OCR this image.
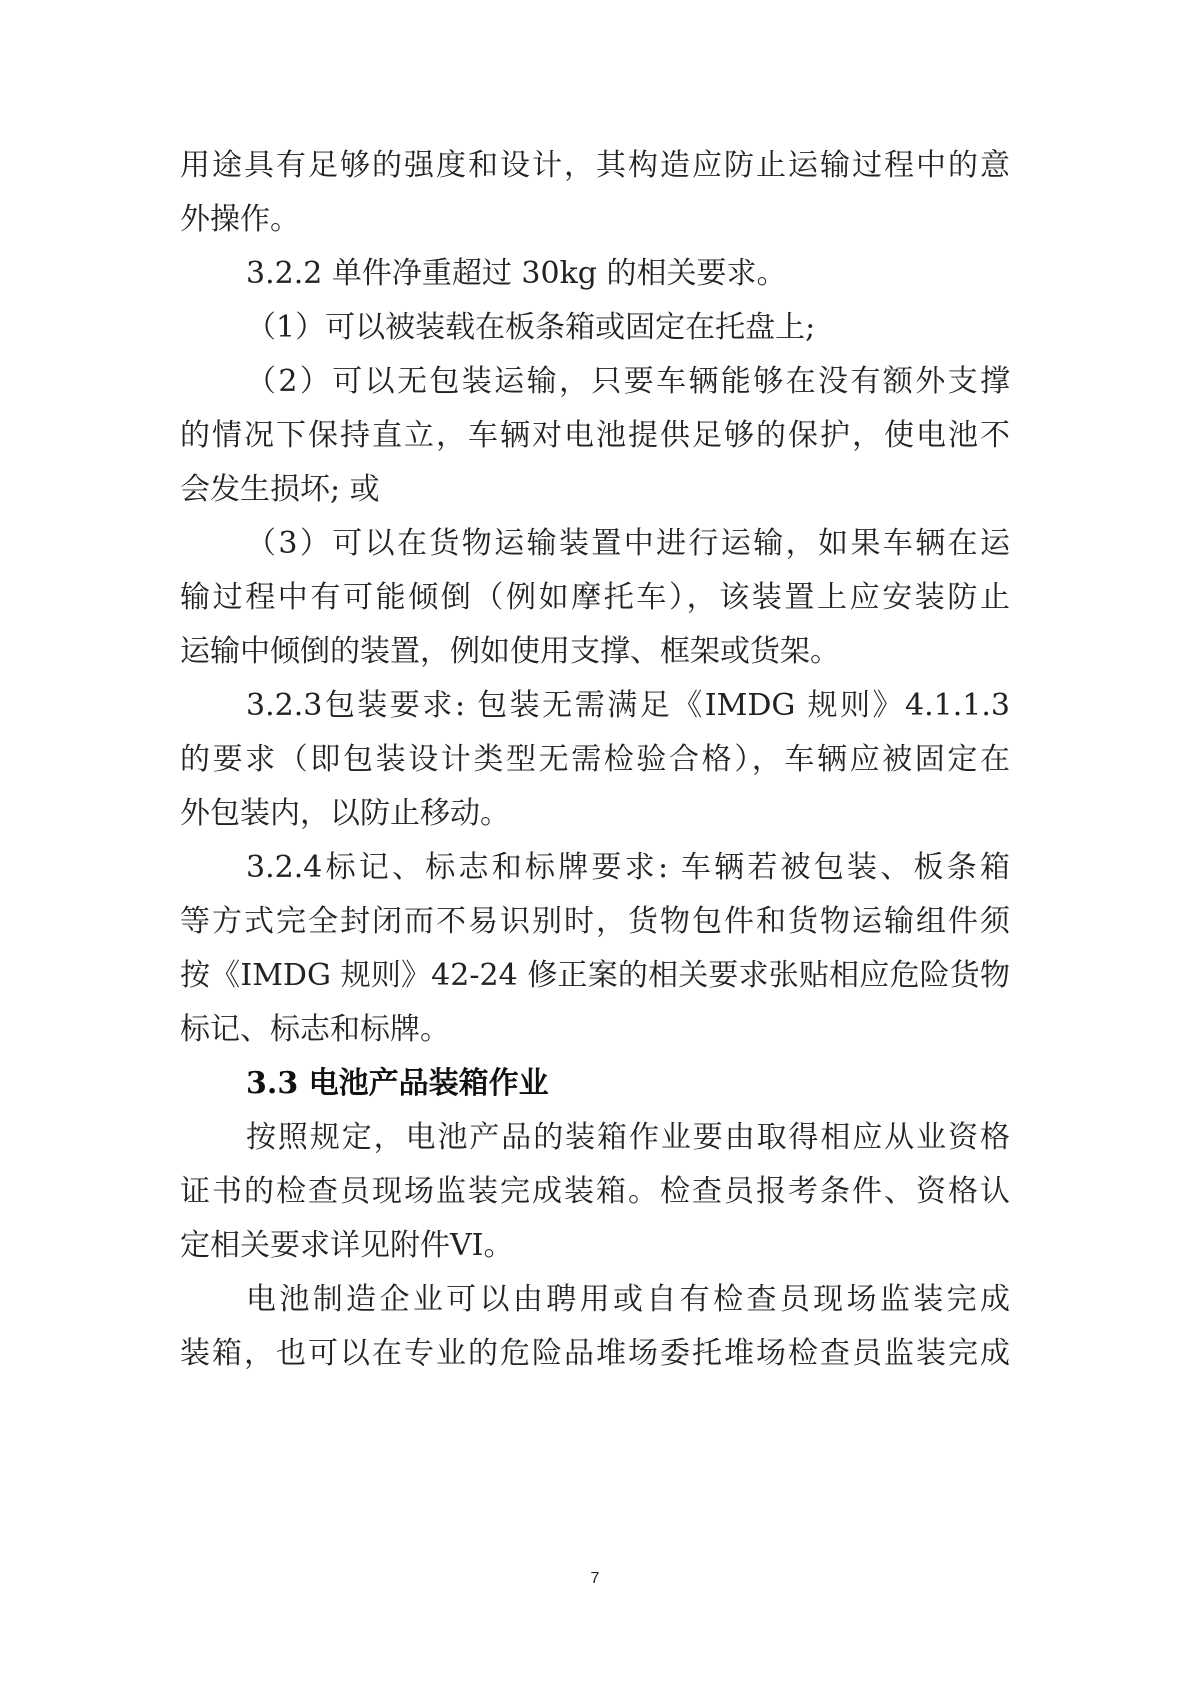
用途具有足够的强度和设计，其构造应防止运输过程中的意
外操作。
3.2.2 单件净重超过 30kg 的相关要求。
（1）可以被装载在板条箱或固定在托盘上;
（2）可以无包装运输，只要车辆能够在没有额外支撑
的情况下保持直立，车辆对电池提供足够的保护，使电池不
会发生损坏; 或
（3）可以在货物运输装置中进行运输，如果车辆在运
输过程中有可能倾倒（例如摩托车），该装置上应安装防止
运输中倾倒的装置，例如使用支撑、框架或货架。
3.2.3包装要求: 包装无需满足《IMDG 规则》4.1.1.3
的要求（即包装设计类型无需检验合格），车辆应被固定在
外包装内，以防止移动。
3.2.4标记、标志和标牌要求: 车辆若被包装、板条箱
等方式完全封闭而不易识别时，货物包件和货物运输组件须
按《IMDG 规则》42-24 修正案的相关要求张贴相应危险货物
标记、标志和标牌。
3.3 电池产品装箱作业
按照规定，电池产品的装箱作业要由取得相应从业资格
证书的检查员现场监装完成装箱。检查员报考条件、资格认
定相关要求详见附件VI。
电池制造企业可以由聘用或自有检查员现场监装完成
装箱，也可以在专业的危险品堆场委托堆场检查员监装完成
7
